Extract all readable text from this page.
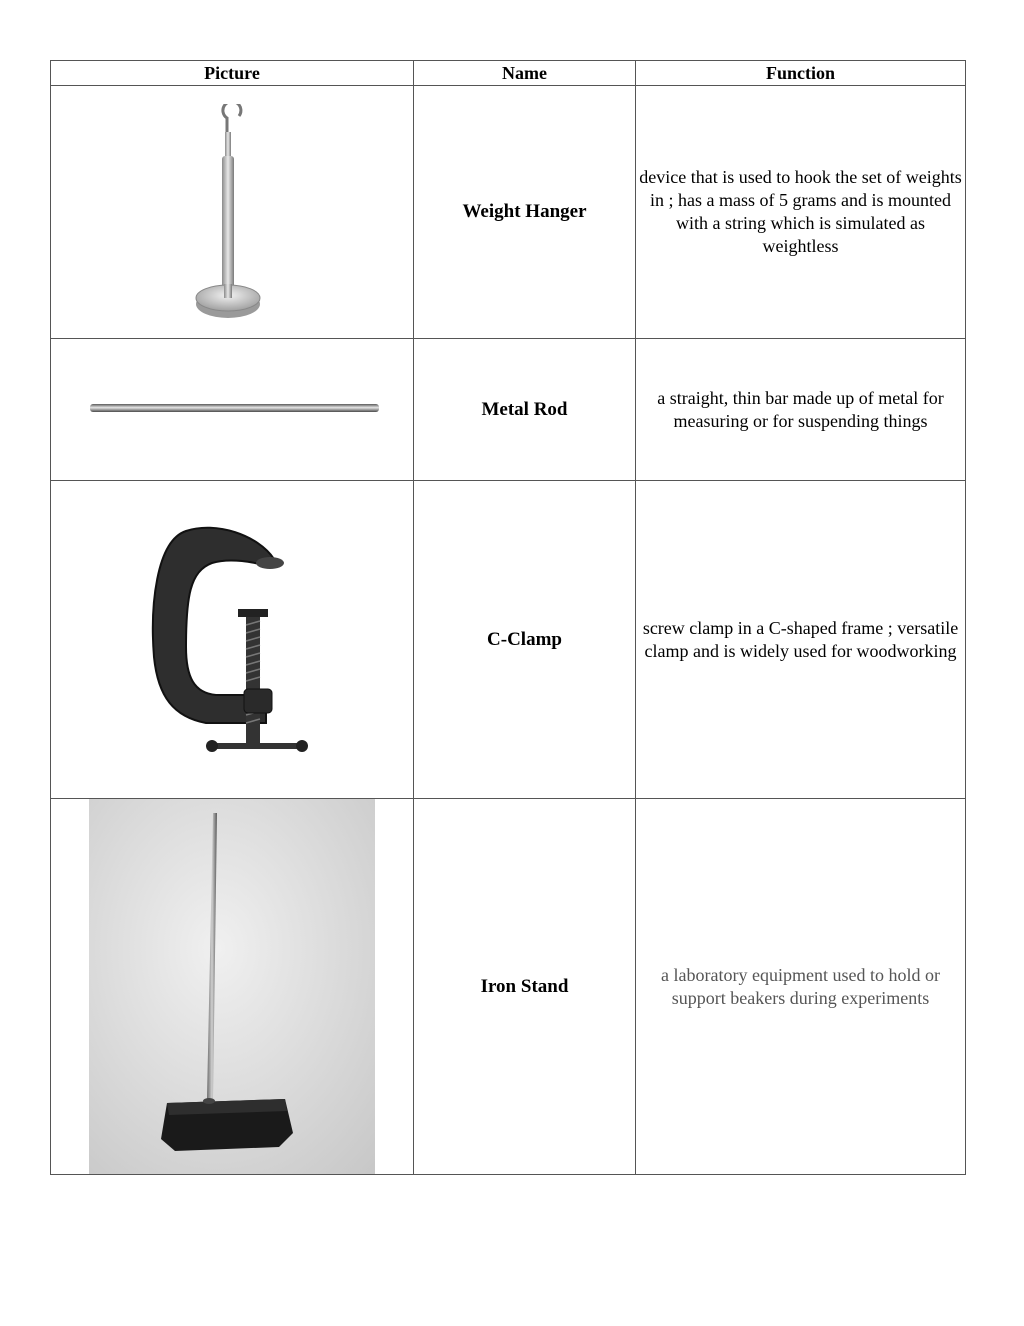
Picture	Name	Function

	Weight Hanger	device that is used to hook the set of weights in ; has a mass of 5 grams and is mounted with a string which is simulated as weightless

	Metal Rod	a straight, thin bar made up of metal for measuring or for suspending things

	C-Clamp	screw clamp in a C-shaped frame ; versatile clamp and is widely used for woodworking

	Iron Stand	a laboratory equipment used to hold or support beakers during experiments
